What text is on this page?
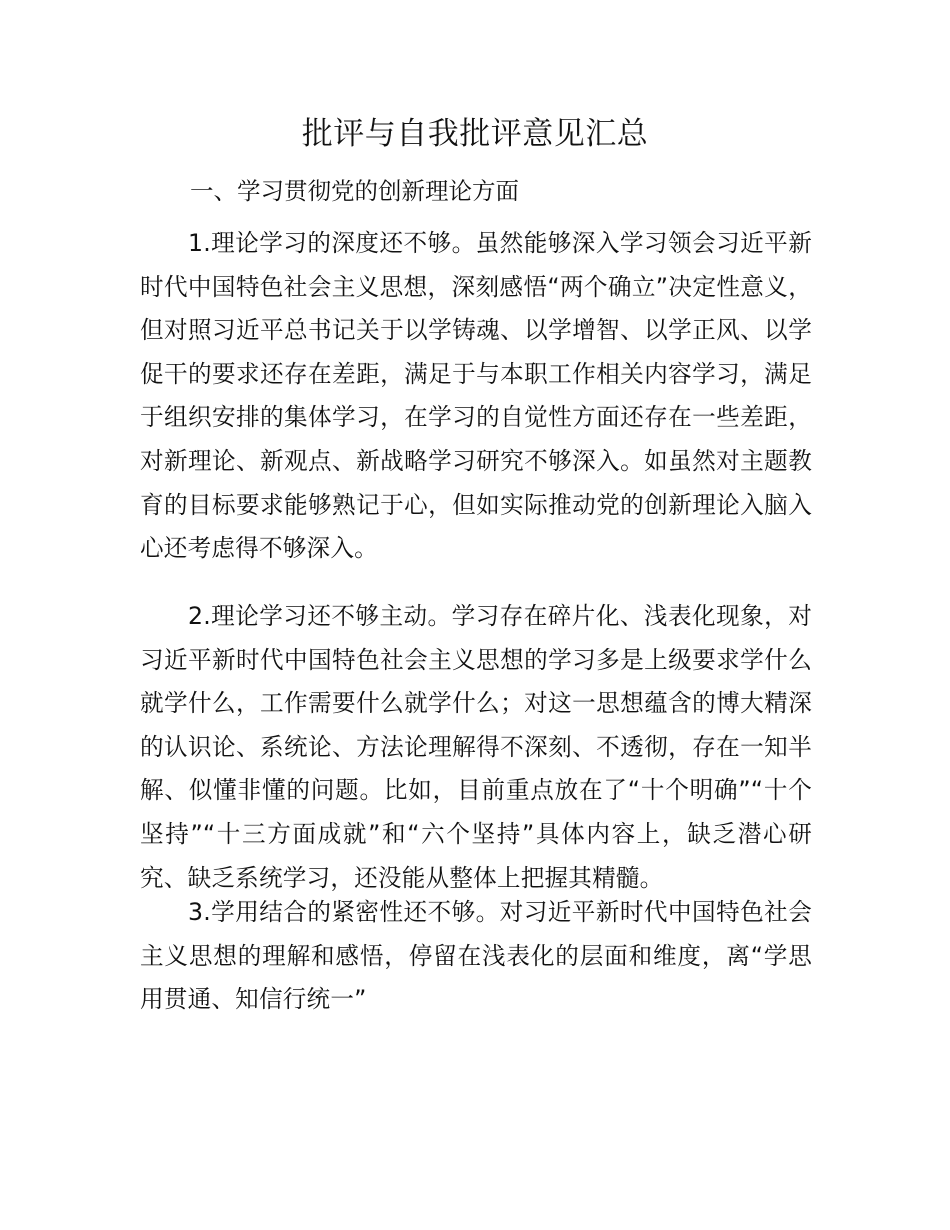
批评与自我批评意见汇总
一、学习贯彻党的创新理论方面

1.理论学习的深度还不够。虽然能够深入学习领会习近平新时代中国特色社会主义思想，深刻感悟“两个确立”决定性意义，但对照习近平总书记关于以学铸魂、以学增智、以学正风、以学促干的要求还存在差距，满足于与本职工作相关内容学习，满足于组织安排的集体学习，在学习的自觉性方面还存在一些差距，对新理论、新观点、新战略学习研究不够深入。如虽然对主题教育的目标要求能够熟记于心，但如实际推动党的创新理论入脑入心还考虑得不够深入。

2.理论学习还不够主动。学习存在碎片化、浅表化现象，对习近平新时代中国特色社会主义思想的学习多是上级要求学什么就学什么，工作需要什么就学什么；对这一思想蕴含的博大精深的认识论、系统论、方法论理解得不深刻、不透彻，存在一知半解、似懂非懂的问题。比如，目前重点放在了“十个明确”“十个坚持”“十三方面成就”和“六个坚持”具体内容上，缺乏潜心研究、缺乏系统学习，还没能从整体上把握其精髓。

3.学用结合的紧密性还不够。对习近平新时代中国特色社会主义思想的理解和感悟，停留在浅表化的层面和维度，离“学思用贯通、知信行统一”
